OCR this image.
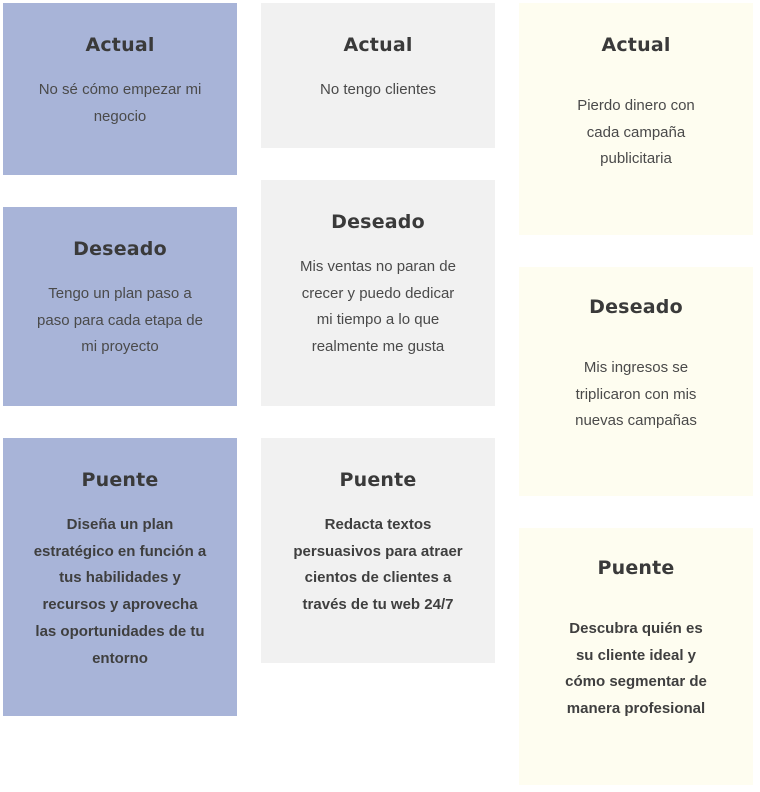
Actual

No sé cómo empezar mi negocio

Deseado

Tengo un plan paso a paso para cada etapa de mi proyecto

Puente

Diseña un plan estratégico en función a tus habilidades y recursos y aprovecha las oportunidades de tu entorno

Actual

No tengo clientes

Deseado

Mis ventas no paran de crecer y puedo dedicar mi tiempo a lo que realmente me gusta

Puente

Redacta textos persuasivos para atraer cientos de clientes a través de tu web 24/7

Actual

Pierdo dinero con cada campaña publicitaria

Deseado

Mis ingresos se triplicaron con mis nuevas campañas

Puente

Descubra quién es su cliente ideal y cómo segmentar de manera profesional
